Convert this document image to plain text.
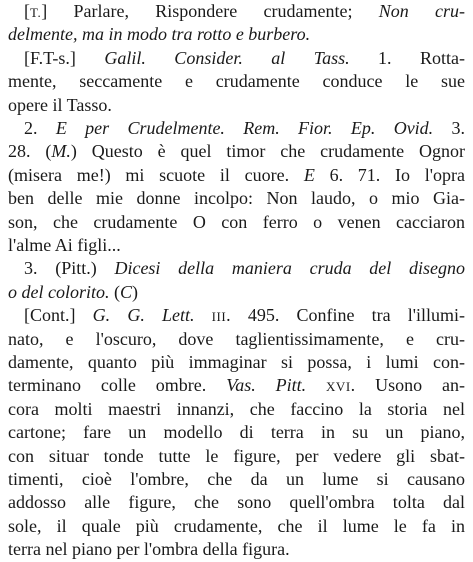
[T.] Parlare, Rispondere crudamente; Non cru-
delmente, ma in modo tra rotto e burbero.
[F.T-s.] Galil. Consider. al Tass. 1. Rotta-
mente, seccamente e crudamente conduce le sue
opere il Tasso.
2. E per Crudelmente. Rem. Fior. Ep. Ovid. 3.
28. (M.) Questo è quel timor che crudamente Ognor
(misera me!) mi scuote il cuore. E 6. 71. Io l'opra
ben delle mie donne incolpo: Non laudo, o mio Gia-
son, che crudamente O con ferro o venen cacciaron
l'alme Ai figli...
3. (Pitt.) Dicesi della maniera cruda del disegno
o del colorito. (C)
[Cont.] G. G. Lett. III. 495. Confine tra l'illumi-
nato, e l'oscuro, dove taglientissimamente, e cru-
damente, quanto più immaginar si possa, i lumi con-
terminano colle ombre. Vas. Pitt. XVI. Usono an-
cora molti maestri innanzi, che faccino la storia nel
cartone; fare un modello di terra in su un piano,
con situar tonde tutte le figure, per vedere gli sbat-
timenti, cioè l'ombre, che da un lume si causano
addosso alle figure, che sono quell'ombra tolta dal
sole, il quale più crudamente, che il lume le fa in
terra nel piano per l'ombra della figura.
